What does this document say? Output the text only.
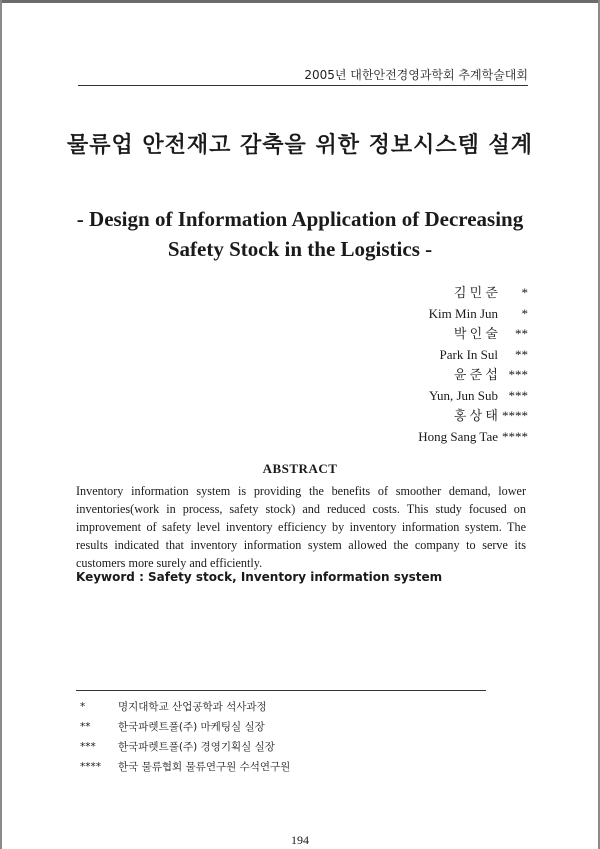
2005년 대한안전경영과학회 추계학술대회
물류업 안전재고 감축을 위한 정보시스템 설계
- Design of Information Application of Decreasing
Safety Stock in the Logistics -
김 민 준 *
Kim Min Jun *
박 인 술 **
Park In Sul **
윤 준 섭 ***
Yun, Jun Sub ***
홍 상 태 ****
Hong Sang Tae ****
ABSTRACT
Inventory information system is providing the benefits of smoother demand, lower inventories(work in process, safety stock) and reduced costs. This study focused on improvement of safety level inventory efficiency by inventory information system. The results indicated that inventory information system allowed the company to serve its customers more surely and efficiently.
Keyword : Safety stock, Inventory information system
*	명지대학교 산업공학과 석사과정
**	한국파렛트풀(주) 마케팅실 실장
*** 한국파렛트풀(주) 경영기획실 실장
**** 한국 물류협회 물류연구원 수석연구원
194
